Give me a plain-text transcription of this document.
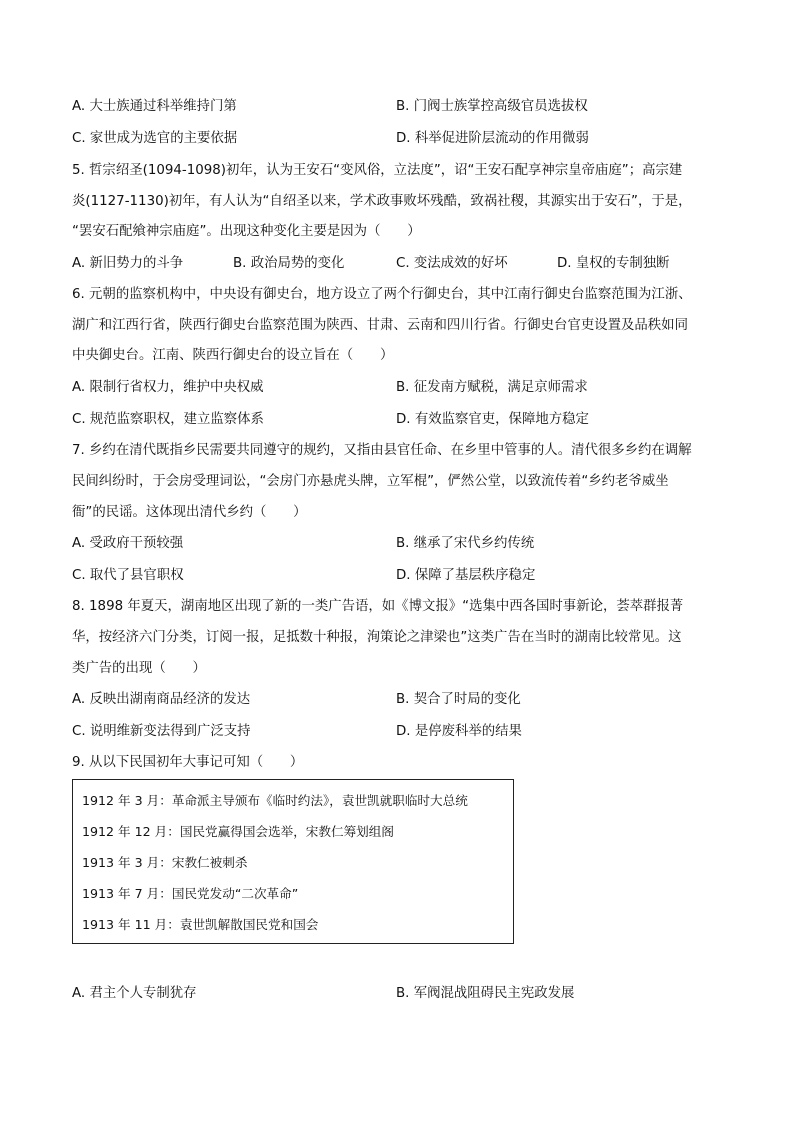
A. 大士族通过科举维持门第	B. 门阀士族掌控高级官员选拔权
C. 家世成为选官的主要依据	D. 科举促进阶层流动的作用微弱
5. 哲宗绍圣(1094-1098)初年，认为王安石“变风俗，立法度”，诏“王安石配享神宗皇帝庙庭”；高宗建
炎(1127-1130)初年，有人认为“自绍圣以来，学术政事败坏残酷，致祸社稷，其源实出于安石”，于是，
“罢安石配飨神宗庙庭”。出现这种变化主要是因为（　　）
A. 新旧势力的斗争	B. 政治局势的变化	C. 变法成效的好坏	D. 皇权的专制独断
6. 元朝的监察机构中，中央设有御史台，地方设立了两个行御史台，其中江南行御史台监察范围为江浙、
湖广和江西行省，陕西行御史台监察范围为陕西、甘肃、云南和四川行省。行御史台官吏设置及品秩如同
中央御史台。江南、陕西行御史台的设立旨在（　　）
A. 限制行省权力，维护中央权威	B. 征发南方赋税，满足京师需求
C. 规范监察职权，建立监察体系	D. 有效监察官吏，保障地方稳定
7. 乡约在清代既指乡民需要共同遵守的规约，又指由县官任命、在乡里中管事的人。清代很多乡约在调解
民间纠纷时，于会房受理词讼，“会房门亦悬虎头牌，立军棍”，俨然公堂，以致流传着“乡约老爷威坐
衙”的民谣。这体现出清代乡约（　　）
A. 受政府干预较强	B. 继承了宋代乡约传统
C. 取代了县官职权	D. 保障了基层秩序稳定
8. 1898 年夏天，湖南地区出现了新的一类广告语，如《博文报》“选集中西各国时事新论，荟萃群报菁
华，按经济六门分类，订阅一报，足抵数十种报，洵策论之津梁也”这类广告在当时的湖南比较常见。这
类广告的出现（　　）
A. 反映出湖南商品经济的发达	B. 契合了时局的变化
C. 说明维新变法得到广泛支持	D. 是停废科举的结果
9. 从以下民国初年大事记可知（　　）
1912 年 3 月：革命派主导颁布《临时约法》，袁世凯就职临时大总统
1912 年 12 月：国民党赢得国会选举，宋教仁筹划组阁
1913 年 3 月：宋教仁被刺杀
1913 年 7 月：国民党发动“二次革命”
1913 年 11 月：袁世凯解散国民党和国会
A. 君主个人专制犹存	B. 军阀混战阻碍民主宪政发展
